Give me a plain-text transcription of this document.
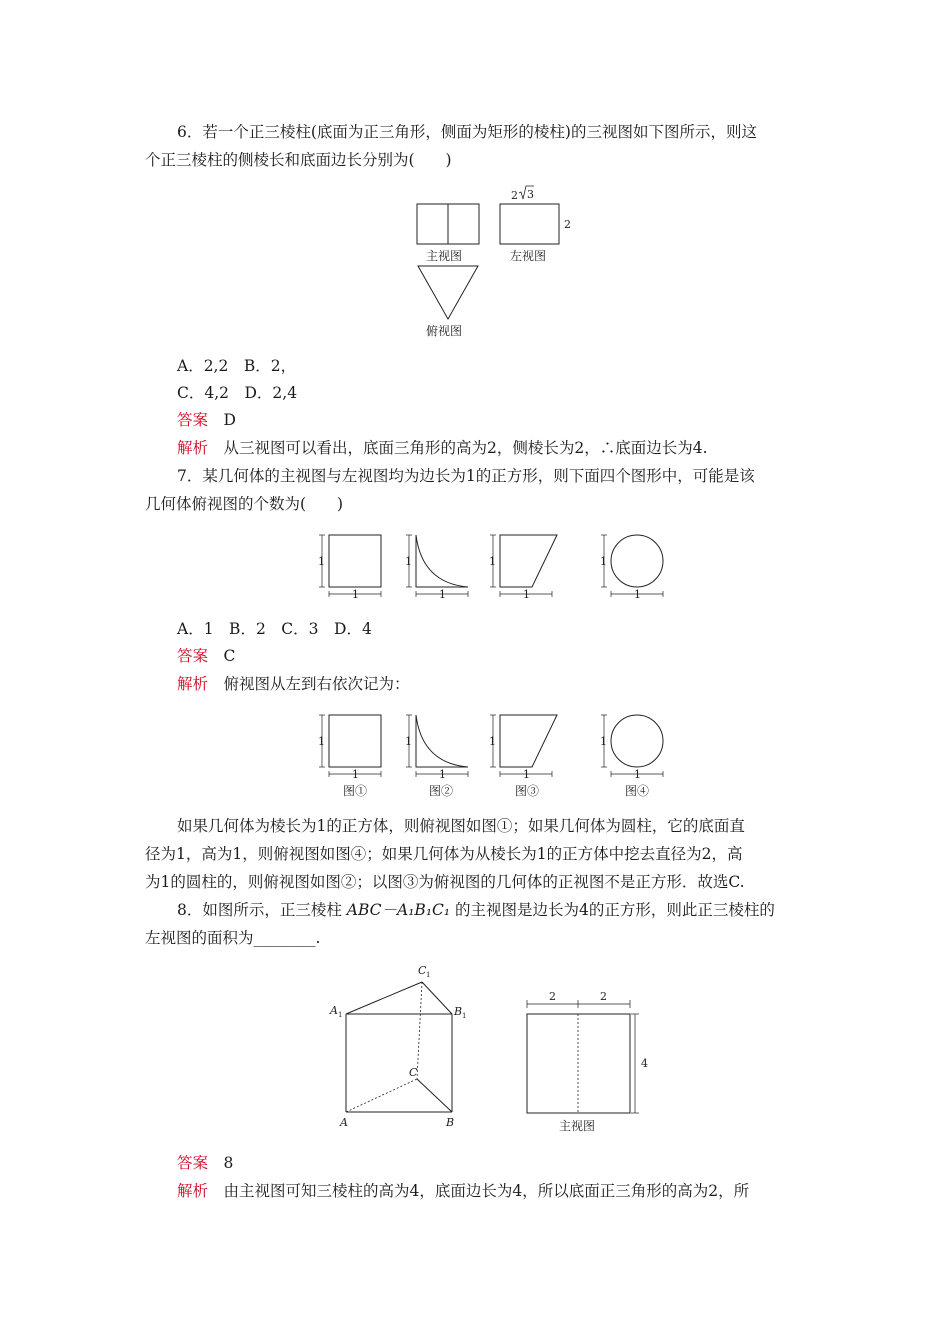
6．若一个正三棱柱(底面为正三角形，侧面为矩形的棱柱)的三视图如下图所示，则这
个正三棱柱的侧棱长和底面边长分别为(　　)
主视图	左视图
2 3
2
俯视图
A．2,2　B．2，
C．4,2　D．2,4
答案　 D
解析　 从三视图可以看出，底面三角形的高为2，侧棱长为2，∴底面边长为4.
7．某几何体的主视图与左视图均为边长为1的正方形，则下面四个图形中，可能是该
几何体俯视图的个数为(　　)
1
1
1
1
1
1
1
1
A．1　B．2　C．3　D．4
答案　 C
解析　 俯视图从左到右依次记为：
1
1
1
1
1
1
1
1
图①	图②	图③	图④
如果几何体为棱长为1的正方体，则俯视图如图①；如果几何体为圆柱，它的底面直
径为1，高为1，则俯视图如图④；如果几何体为从棱长为1的正方体中挖去直径为2，高
为1的圆柱的，则俯视图如图②；以图③为俯视图的几何体的正视图不是正方形．故选C.
8．如图所示，正三棱柱 ABC－A₁B₁C₁ 的主视图是边长为4的正方形，则此正三棱柱的
左视图的面积为________.
A 1
C 1
B 1
C
A	B
2	2
4
主视图
答案　 8
解析　 由主视图可知三棱柱的高为4，底面边长为4，所以底面正三角形的高为2，所
